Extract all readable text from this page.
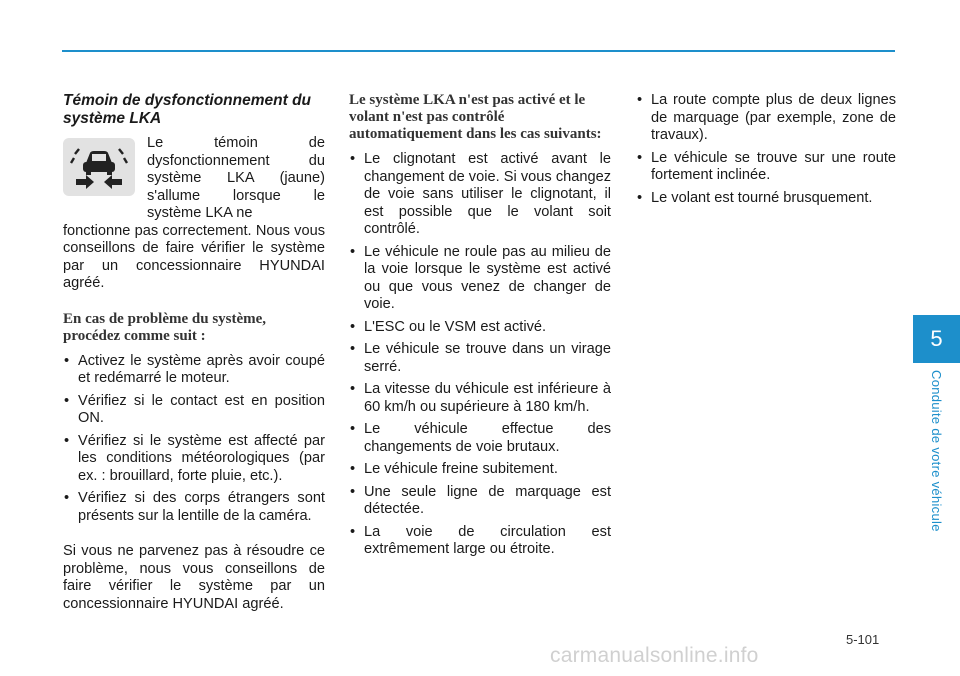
Témoin de dysfonctionnement du système LKA
Le témoin de dysfonctionnement du système LKA (jaune) s'allume lorsque le système LKA ne

fonctionne pas correctement. Nous vous conseillons de faire vérifier le système par un concessionnaire HYUNDAI agréé.

En cas de problème du système, procédez comme suit :
• Activez le système après avoir coupé et redémarré le moteur.
• Vérifiez si le contact est en position ON.
• Vérifiez si le système est affecté par les conditions météorologiques (par ex. : brouillard, forte pluie, etc.).
• Vérifiez si des corps étrangers sont présents sur la lentille de la caméra.

Si vous ne parvenez pas à résoudre ce problème, nous vous conseillons de faire vérifier le système par un concessionnaire HYUNDAI agréé.

Le système LKA n'est pas activé et le volant n'est pas contrôlé automatiquement dans les cas suivants:
• Le clignotant est activé avant le changement de voie. Si vous changez de voie sans utiliser le clignotant, il est possible que le volant soit contrôlé.
• Le véhicule ne roule pas au milieu de la voie lorsque le système est activé ou que vous venez de changer de voie.
• L'ESC ou le VSM est activé.
• Le véhicule se trouve dans un virage serré.
• La vitesse du véhicule est inférieure à 60 km/h ou supérieure à 180 km/h.
• Le véhicule effectue des changements de voie brutaux.
• Le véhicule freine subitement.
• Une seule ligne de marquage est détectée.
• La voie de circulation est extrêmement large ou étroite.
• La route compte plus de deux lignes de marquage (par exemple, zone de travaux).
• Le véhicule se trouve sur une route fortement inclinée.
• Le volant est tourné brusquement.
5
Conduite de votre véhicule
5-101
carmanualsonline.info
